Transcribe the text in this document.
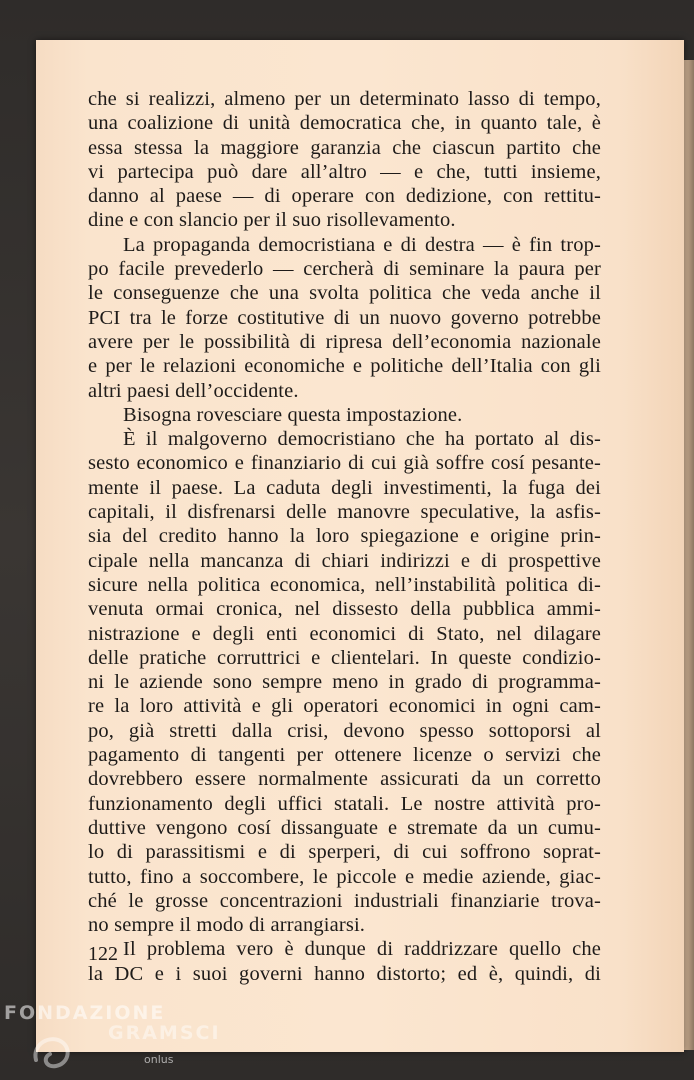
che si realizzi, almeno per un determinato lasso di tempo,
una coalizione di unità democratica che, in quanto tale, è
essa stessa la maggiore garanzia che ciascun partito che
vi partecipa può dare all’altro — e che, tutti insieme,
danno al paese — di operare con dedizione, con rettitu-
dine e con slancio per il suo risollevamento.
La propaganda democristiana e di destra — è fin trop-
po facile prevederlo — cercherà di seminare la paura per
le conseguenze che una svolta politica che veda anche il
PCI tra le forze costitutive di un nuovo governo potrebbe
avere per le possibilità di ripresa dell’economia nazionale
e per le relazioni economiche e politiche dell’Italia con gli
altri paesi dell’occidente.
Bisogna rovesciare questa impostazione.
È il malgoverno democristiano che ha portato al dis-
sesto economico e finanziario di cui già soffre cosí pesante-
mente il paese. La caduta degli investimenti, la fuga dei
capitali, il disfrenarsi delle manovre speculative, la asfis-
sia del credito hanno la loro spiegazione e origine prin-
cipale nella mancanza di chiari indirizzi e di prospettive
sicure nella politica economica, nell’instabilità politica di-
venuta ormai cronica, nel dissesto della pubblica ammi-
nistrazione e degli enti economici di Stato, nel dilagare
delle pratiche corruttrici e clientelari. In queste condizio-
ni le aziende sono sempre meno in grado di programma-
re la loro attività e gli operatori economici in ogni cam-
po, già stretti dalla crisi, devono spesso sottoporsi al
pagamento di tangenti per ottenere licenze o servizi che
dovrebbero essere normalmente assicurati da un corretto
funzionamento degli uffici statali. Le nostre attività pro-
duttive vengono cosí dissanguate e stremate da un cumu-
lo di parassitismi e di sperperi, di cui soffrono soprat-
tutto, fino a soccombere, le piccole e medie aziende, giac-
ché le grosse concentrazioni industriali finanziarie trova-
no sempre il modo di arrangiarsi.
Il problema vero è dunque di raddrizzare quello che
la DC e i suoi governi hanno distorto; ed è, quindi, di
122
FONDAZIONE
GRAMSCI
onlus
